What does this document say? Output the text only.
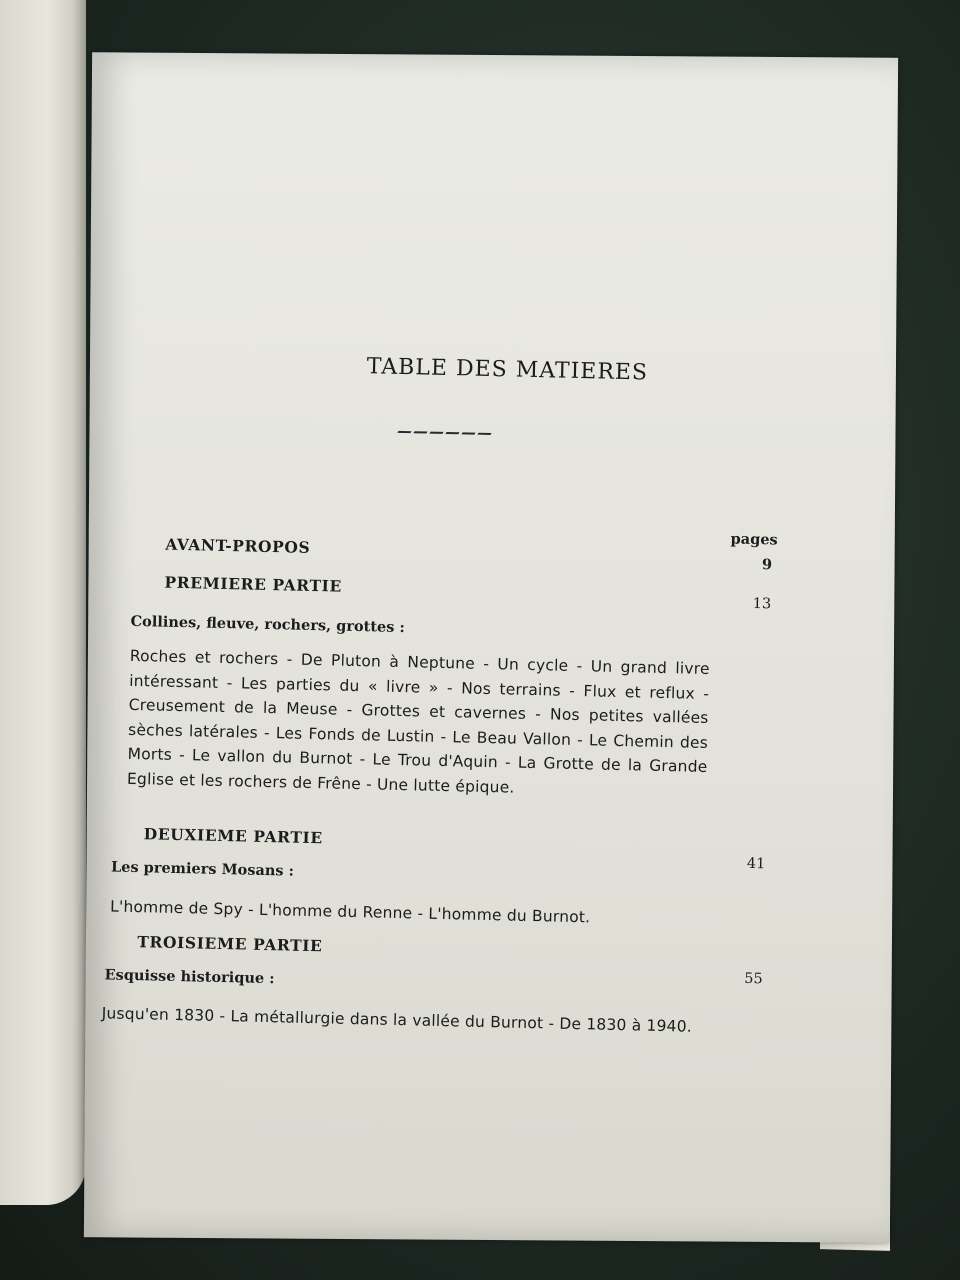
TABLE DES MATIERES
pages
AVANT-PROPOS
9
PREMIERE PARTIE
13
Collines, fleuve, rochers, grottes :
Roches et rochers - De Pluton à Neptune - Un cycle - Un grand livre intéressant - Les parties du « livre » - Nos terrains - Flux et reflux - Creusement de la Meuse - Grottes et cavernes - Nos petites vallées sèches latérales - Les Fonds de Lustin - Le Beau Vallon - Le Chemin des Morts - Le vallon du Burnot - Le Trou d'Aquin - La Grotte de la Grande Eglise et les rochers de Frêne - Une lutte épique.
DEUXIEME PARTIE
41
Les premiers Mosans :
L'homme de Spy - L'homme du Renne - L'homme du Burnot.
TROISIEME PARTIE
55
Esquisse historique :
Jusqu'en 1830 - La métallurgie dans la vallée du Burnot - De 1830 à 1940.
